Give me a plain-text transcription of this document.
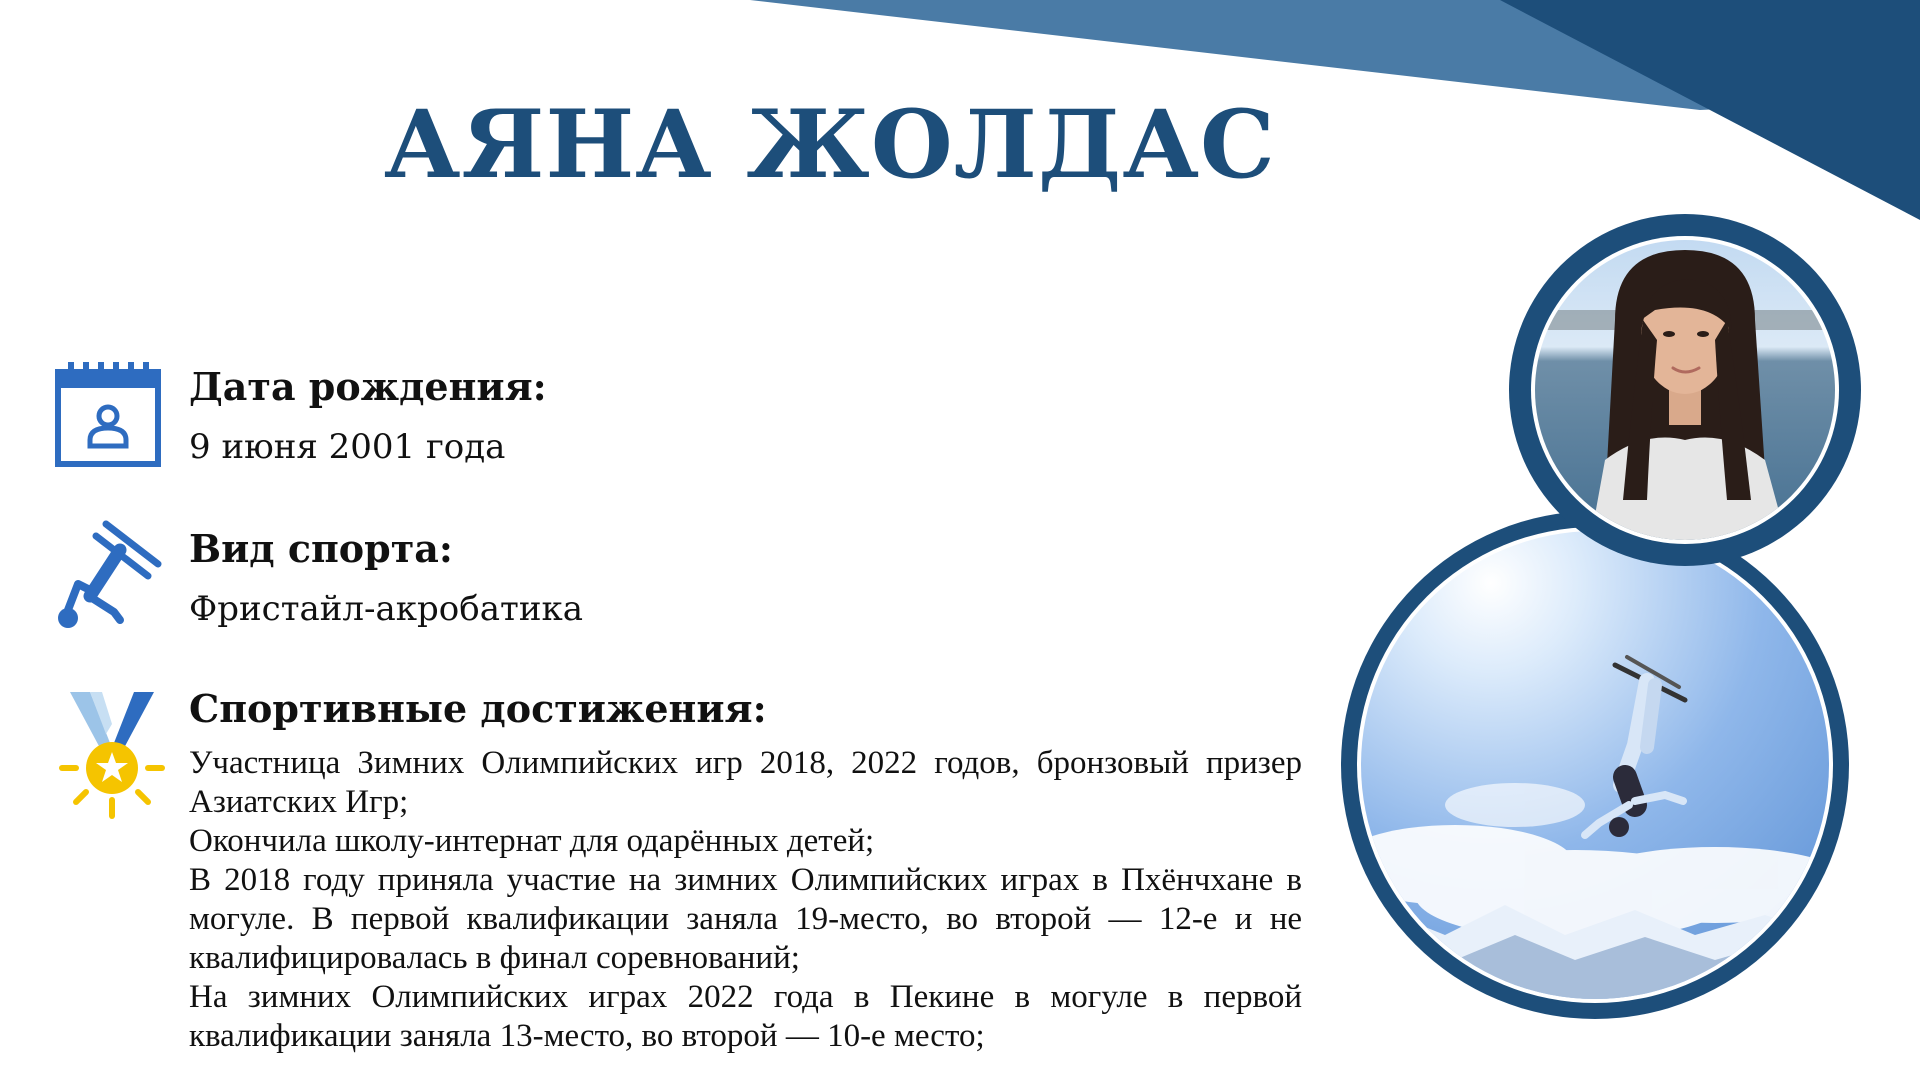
АЯНА ЖОЛДАС

Дата рождения:

9 июня 2001 года

Вид спорта:

Фристайл-акробатика

Спортивные достижения:

Участница Зимних Олимпийских игр 2018, 2022 годов, бронзовый призер Азиатских Игр;

Окончила школу-интернат для одарённых детей;

В 2018 году приняла участие на зимних Олимпийских играх в Пхёнчхане в могуле. В первой квалификации заняла 19-место, во второй — 12-е и не квалифицировалась в финал соревнований;

На зимних Олимпийских играх 2022 года в Пекине в могуле в первой квалификации заняла 13-место, во второй — 10-е место;
